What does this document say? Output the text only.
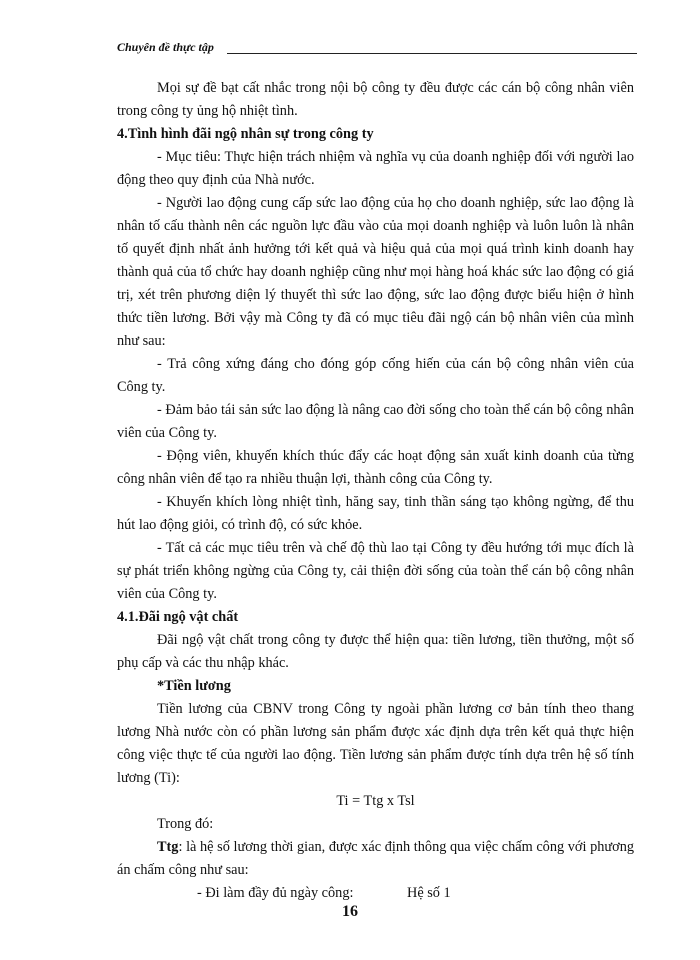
Chuyên đề thực tập

Mọi sự đề bạt cất nhắc trong nội bộ công ty đều được các cán bộ công nhân viên trong công ty ủng hộ nhiệt tình.

4.Tình hình đãi ngộ nhân sự trong công ty

- Mục tiêu: Thực hiện trách nhiệm và nghĩa vụ của doanh nghiệp đối với người lao động theo quy định của Nhà nước.

- Người lao động cung cấp sức lao động của họ cho doanh nghiệp, sức lao động là nhân tố cấu thành nên các nguồn lực đầu vào của mọi doanh nghiệp và luôn luôn là nhân tố quyết định nhất ảnh hưởng tới kết quả và hiệu quả của mọi quá trình kinh doanh hay thành quả của tổ chức hay doanh nghiệp cũng như mọi hàng hoá khác sức lao động có giá trị, xét trên phương diện lý thuyết thì sức lao động, sức lao động được biểu hiện ở hình thức tiền lương. Bởi vậy mà Công ty đã có mục tiêu đãi ngộ cán bộ nhân viên của mình như sau:

- Trả công xứng đáng cho đóng góp cống hiến của cán bộ công nhân viên của Công ty.

- Đảm bảo tái sản sức lao động là nâng cao đời sống cho toàn thể cán bộ công nhân viên của Công ty.

- Động viên, khuyến khích thúc đẩy các hoạt động sản xuất kinh doanh của từng công nhân viên để tạo ra nhiều thuận lợi, thành công của Công ty.

- Khuyến khích lòng nhiệt tình, hăng say, tinh thần sáng tạo không ngừng, để thu hút lao động giỏi, có trình độ, có sức khỏe.

- Tất cả các mục tiêu trên và chế độ thù lao tại Công ty đều hướng tới mục đích là sự phát triển không ngừng của Công ty, cải thiện đời sống của toàn thể cán bộ công nhân viên của Công ty.

4.1.Đãi ngộ vật chất

Đãi ngộ vật chất trong công ty được thể hiện qua: tiền lương, tiền thưởng, một số phụ cấp và các thu nhập khác.

*Tiền lương

Tiền lương của CBNV trong Công ty ngoài phần lương cơ bản tính theo thang lương Nhà nước còn có phần lương sản phẩm được xác định dựa trên kết quả thực hiện công việc thực tế của người lao động. Tiền lương sản phẩm được tính dựa trên hệ số tính lương (Ti):

Ti = Ttg x Tsl

Trong đó:

Ttg: là hệ số lương thời gian, được xác định thông qua việc chấm công với phương án chấm công như sau:

- Đi làm đầy đủ ngày công:	Hệ số 1

16
